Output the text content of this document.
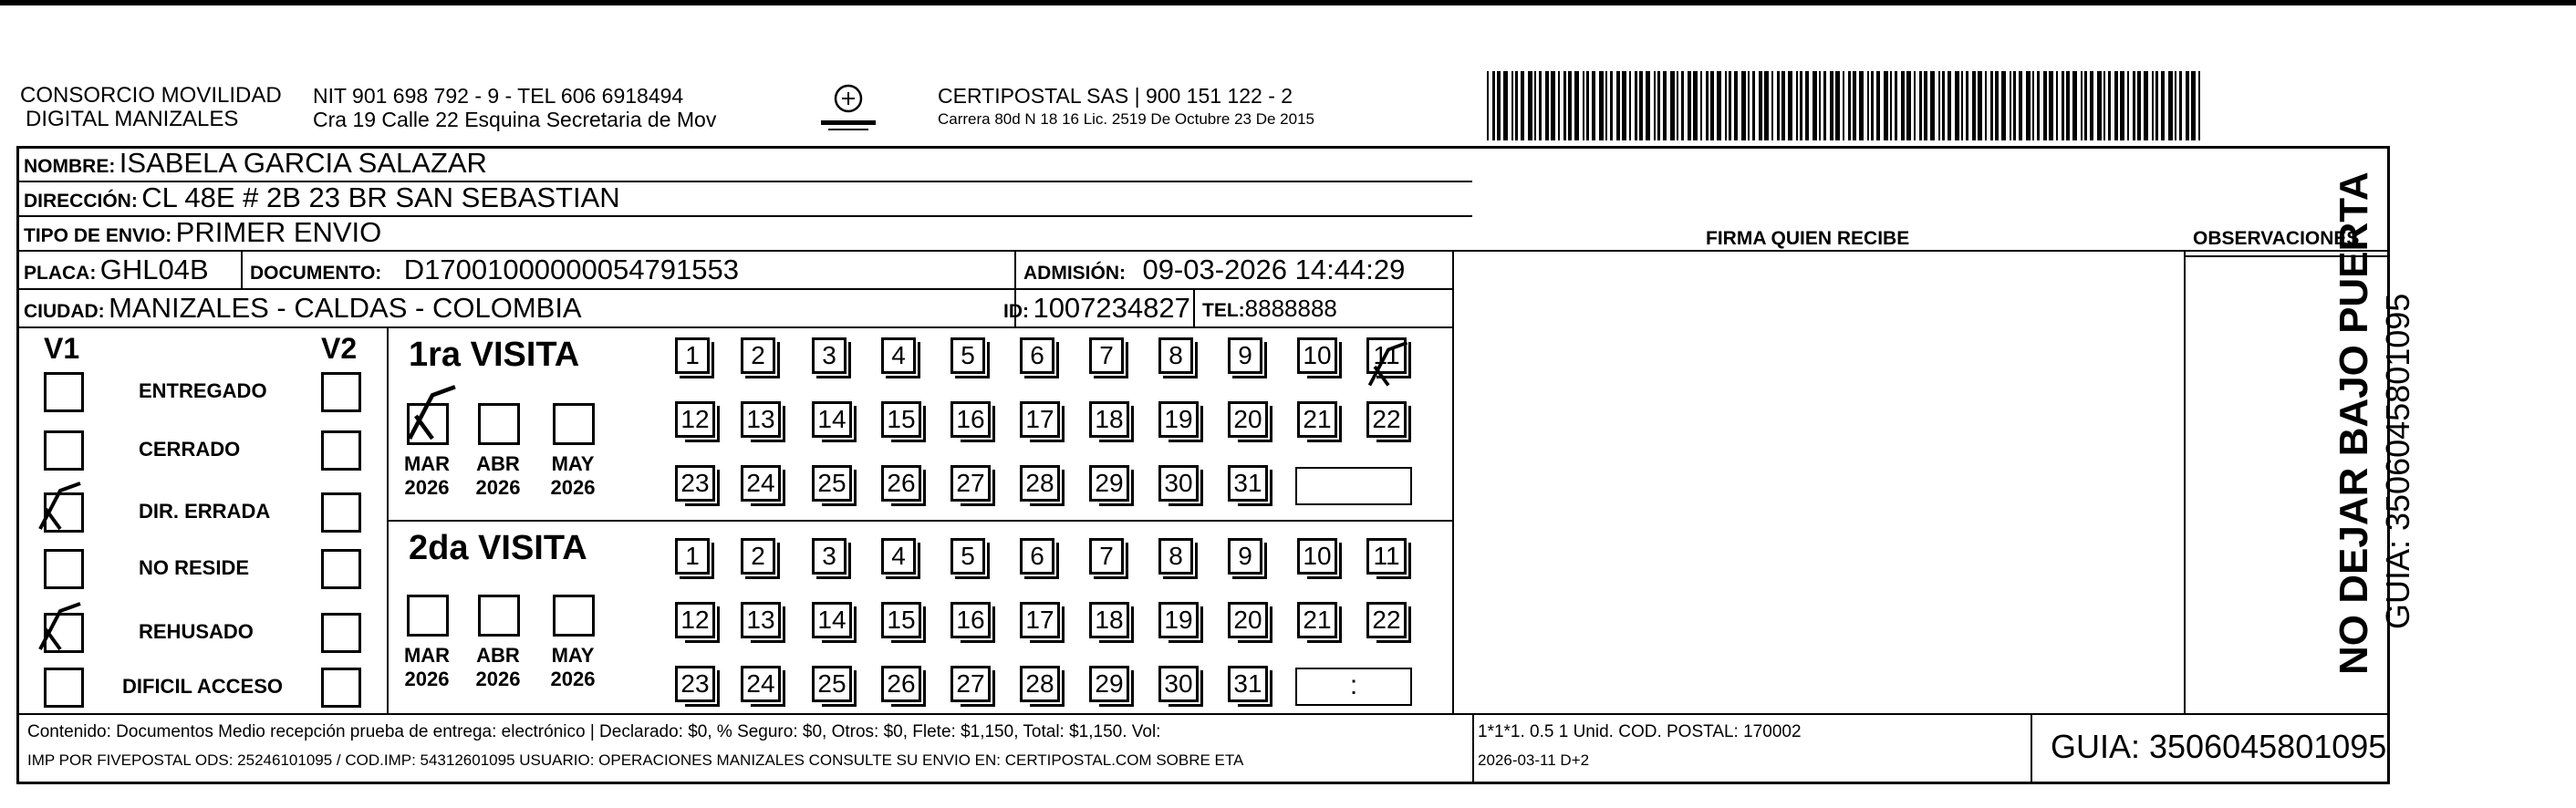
CONSORCIO MOVILIDAD
DIGITAL MANIZALES
NIT 901 698 792 - 9 - TEL 606 6918494
Cra 19 Calle 22 Esquina Secretaria de Mov
CERTIPOSTAL SAS | 900 151 122 - 2
Carrera 80d N 18 16 Lic. 2519 De Octubre 23 De 2015
NOMBRE: ISABELA GARCIA SALAZAR
DIRECCIÓN: CL 48E # 2B 23 BR SAN SEBASTIAN
TIPO DE ENVIO: PRIMER ENVIO
PLACA: GHL04B DOCUMENTO: D17001000000054791553	ADMISIÓN: 09-03-2026 14:44:29
CIUDAD: MANIZALES - CALDAS - COLOMBIA	ID: 1007234827 TEL:8888888
FIRMA QUIEN RECIBE	OBSERVACIONES
V1	V2 1ra VISITA
2da VISITA
Contenido: Documentos Medio recepción prueba de entrega: electrónico | Declarado: $0, % Seguro: $0, Otros: $0, Flete: $1,150, Total: $1,150. Vol:
IMP POR FIVEPOSTAL ODS: 25246101095 / COD.IMP: 54312601095 USUARIO: OPERACIONES MANIZALES CONSULTE SU ENVIO EN: CERTIPOSTAL.COM SOBRE ETA
1*1*1. 0.5 1 Unid. COD. POSTAL: 170002
2026-03-11 D+2	GUIA: 3506045801095
NO DEJAR BAJO PUERTA GUIA: 3506045801095
ENTREGADO
CERRADO
DIR. ERRADA
NO RESIDE
REHUSADO
DIFICIL ACCESO
MAR
2026
ABR
2026
MAY
2026
MAR
2026
ABR
2026
MAY
2026
1	2	3	4	5	6	7	8	9	10 11
12 13 14 15 16 17 18 19 20 21 22
23 24 25 26 27 28 29 30 31
1	2	3	4	5	6	7	8	9	10 11
12 13 14 15 16 17 18 19 20 21 22
23 24 25 26 27 28 29 30 31	:
